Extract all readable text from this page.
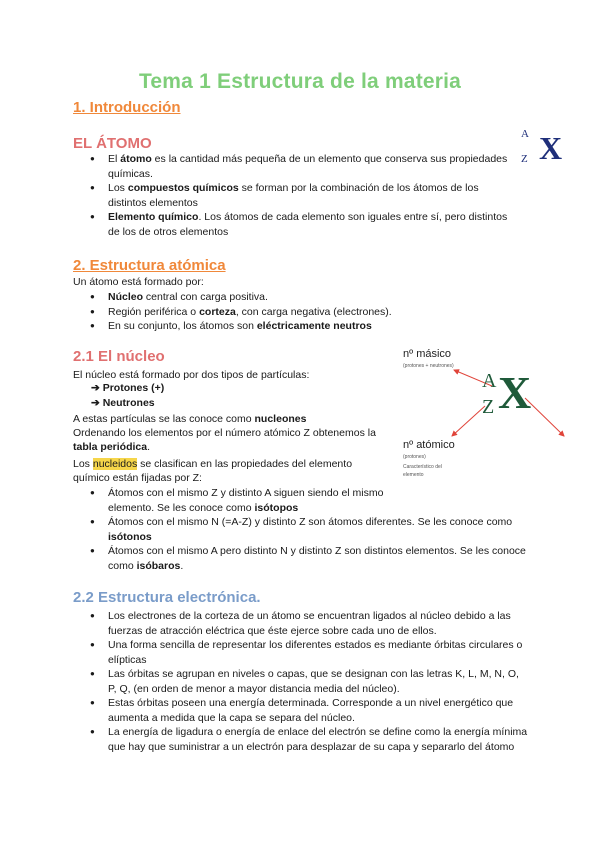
Tema 1 Estructura de la materia
1. Introducción
EL ÁTOMO
A
Z X
● El átomo es la cantidad más pequeña de un elemento que conserva sus propiedades químicas.
● Los compuestos químicos se forman por la combinación de los átomos de los distintos elementos
● Elemento químico. Los átomos de cada elemento son iguales entre sí, pero distintos de los de otros elementos
2. Estructura atómica
Un átomo está formado por:
● Núcleo central con carga positiva.
● Región periférica o corteza, con carga negativa (electrones).
● En su conjunto, los átomos son eléctricamente neutros
2.1 El núcleo
El núcleo está formado por dos tipos de partículas:
➔ Protones (+)
➔ Neutrones
A estas partículas se las conoce como nucleones
Ordenando los elementos por el número atómico Z obtenemos la
tabla periódica.
Los nucleidos se clasifican en las propiedades del elemento
químico están fijadas por Z:
● Átomos con el mismo Z y distinto A siguen siendo el mismo elemento. Se les conoce como isótopos
● Átomos con el mismo N (=A-Z) y distinto Z son átomos diferentes. Se les conoce como isótonos
● Átomos con el mismo A pero distinto N y distinto Z son distintos elementos. Se les conoce como isóbaros.
nº másico
(protones + neutrones)
A
Z X
nº atómico
(protones)
Característico del
elemento
2.2 Estructura electrónica.
● Los electrones de la corteza de un átomo se encuentran ligados al núcleo debido a las fuerzas de atracción eléctrica que éste ejerce sobre cada uno de ellos.
● Una forma sencilla de representar los diferentes estados es mediante órbitas circulares o elípticas
● Las órbitas se agrupan en niveles o capas, que se designan con las letras K, L, M, N, O, P, Q, (en orden de menor a mayor distancia media del núcleo).
● Estas órbitas poseen una energía determinada. Corresponde a un nivel energético que aumenta a medida que la capa se separa del núcleo.
● La energía de ligadura o energía de enlace del electrón se define como la energía mínima que hay que suministrar a un electrón para desplazar de su capa y separarlo del átomo
